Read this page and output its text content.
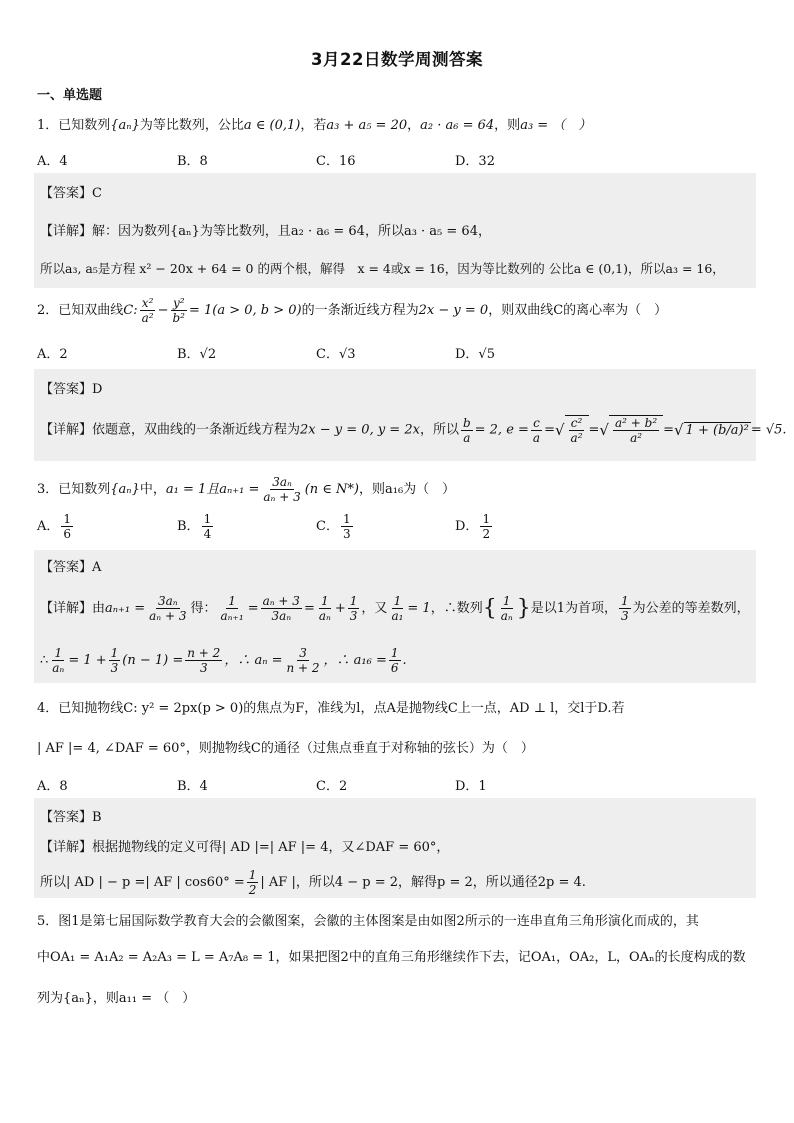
3月22日数学周测答案
一、单选题
1．已知数列{aₙ}为等比数列，公比a ∈ (0,1)，若a₃ + a₅ = 20，a₂ · a₆ = 64，则a₃ = （　）
A．4	B．8	C．16	D．32
【答案】C
【详解】解：因为数列{aₙ}为等比数列，且a₂ · a₆ = 64，所以a₃ · a₅ = 64，
所以a₃, a₅是方程 x² − 20x + 64 = 0 的两个根，解得　x = 4或x = 16，因为等比数列的 公比a ∈ (0,1)，所以a₃ = 16，
2．已知双曲线C: $\frac{\text{x²}}{\text{a²}} - \frac{\text{y²}}{\text{b²}} = 1(a > 0$, b > 0)的一条渐近线方程为2x − y = 0，则双曲线C的离心率为（　）
A．2	B．√2	C．√3	D．√5
【答案】D
【详解】依题意，双曲线的一条渐近线方程为2x − y = 0, y = 2x，所以 $\frac{b}{a} = 2$, $e = \frac{c}{a}$ =√ $\frac{\text{c²}}{\text{a²}}$ =√ $\frac{\text{a² + b²}}{\text{a²}}$ =√ 1 + (b/a)² = √5.
3．已知数列{aₙ}中，a₁ = 1且$a_{n+1} = \frac{\text{3aₙ}}{\text{aₙ + 3}} (n$ ∈ N*)，则a₁₆为（　）
A． $\frac{1}{6}$	B． $\frac{1}{4}$	C． $\frac{1}{3}$	D． $\frac{1}{2}$
【答案】A
【详解】由$a_{n+1} = \frac{\text{3aₙ}}{\text{aₙ + 3}}$ 得： $\frac{1}{\text{aₙ₊₁}} = \frac{\text{aₙ + 3}}{\text{3aₙ}} = \frac{1}{\text{aₙ}} + \frac{1}{3}$ ，又 $\frac{1}{\text{a₁}} = 1$，∴数列{ $\frac{1}{\text{aₙ}}$ }是以1为首项， $\frac{1}{3}$ 为公差的等差数列，
∴ $\frac{1}{\text{aₙ}} = 1 + \frac{1}{3} (n - 1) = \frac{n + 2}{3}$ ，∴ $a_n = \frac{3}{n + 2}$ ，∴ $a_{16} = \frac{1}{6}$ .
4．已知抛物线C: y² = 2px(p > 0)的焦点为F，准线为l，点A是抛物线C上一点，AD ⊥ l，交l于D.若
| AF |= 4, ∠DAF = 60°，则抛物线C的通径（过焦点垂直于对称轴的弦长）为（　）
A．8	B．4	C．2	D．1
【答案】B
【详解】根据抛物线的定义可得| AD |=| AF |= 4，又∠DAF = 60°，
所以| AD | − p =| AF | $\cos 60^\circ = \frac{1}{2}$ | AF |，所以4 − p = 2，解得p = 2，所以通径2p = 4.
5．图1是第七届国际数学教育大会的会徽图案，会徽的主体图案是由如图2所示的一连串直角三角形演化而成的，其
中OA₁ = A₁A₂ = A₂A₃ = L = A₇A₈ = 1，如果把图2中的直角三角形继续作下去，记OA₁，OA₂，L，OAₙ的长度构成的数
列为{aₙ}，则a₁₁ = （　）
